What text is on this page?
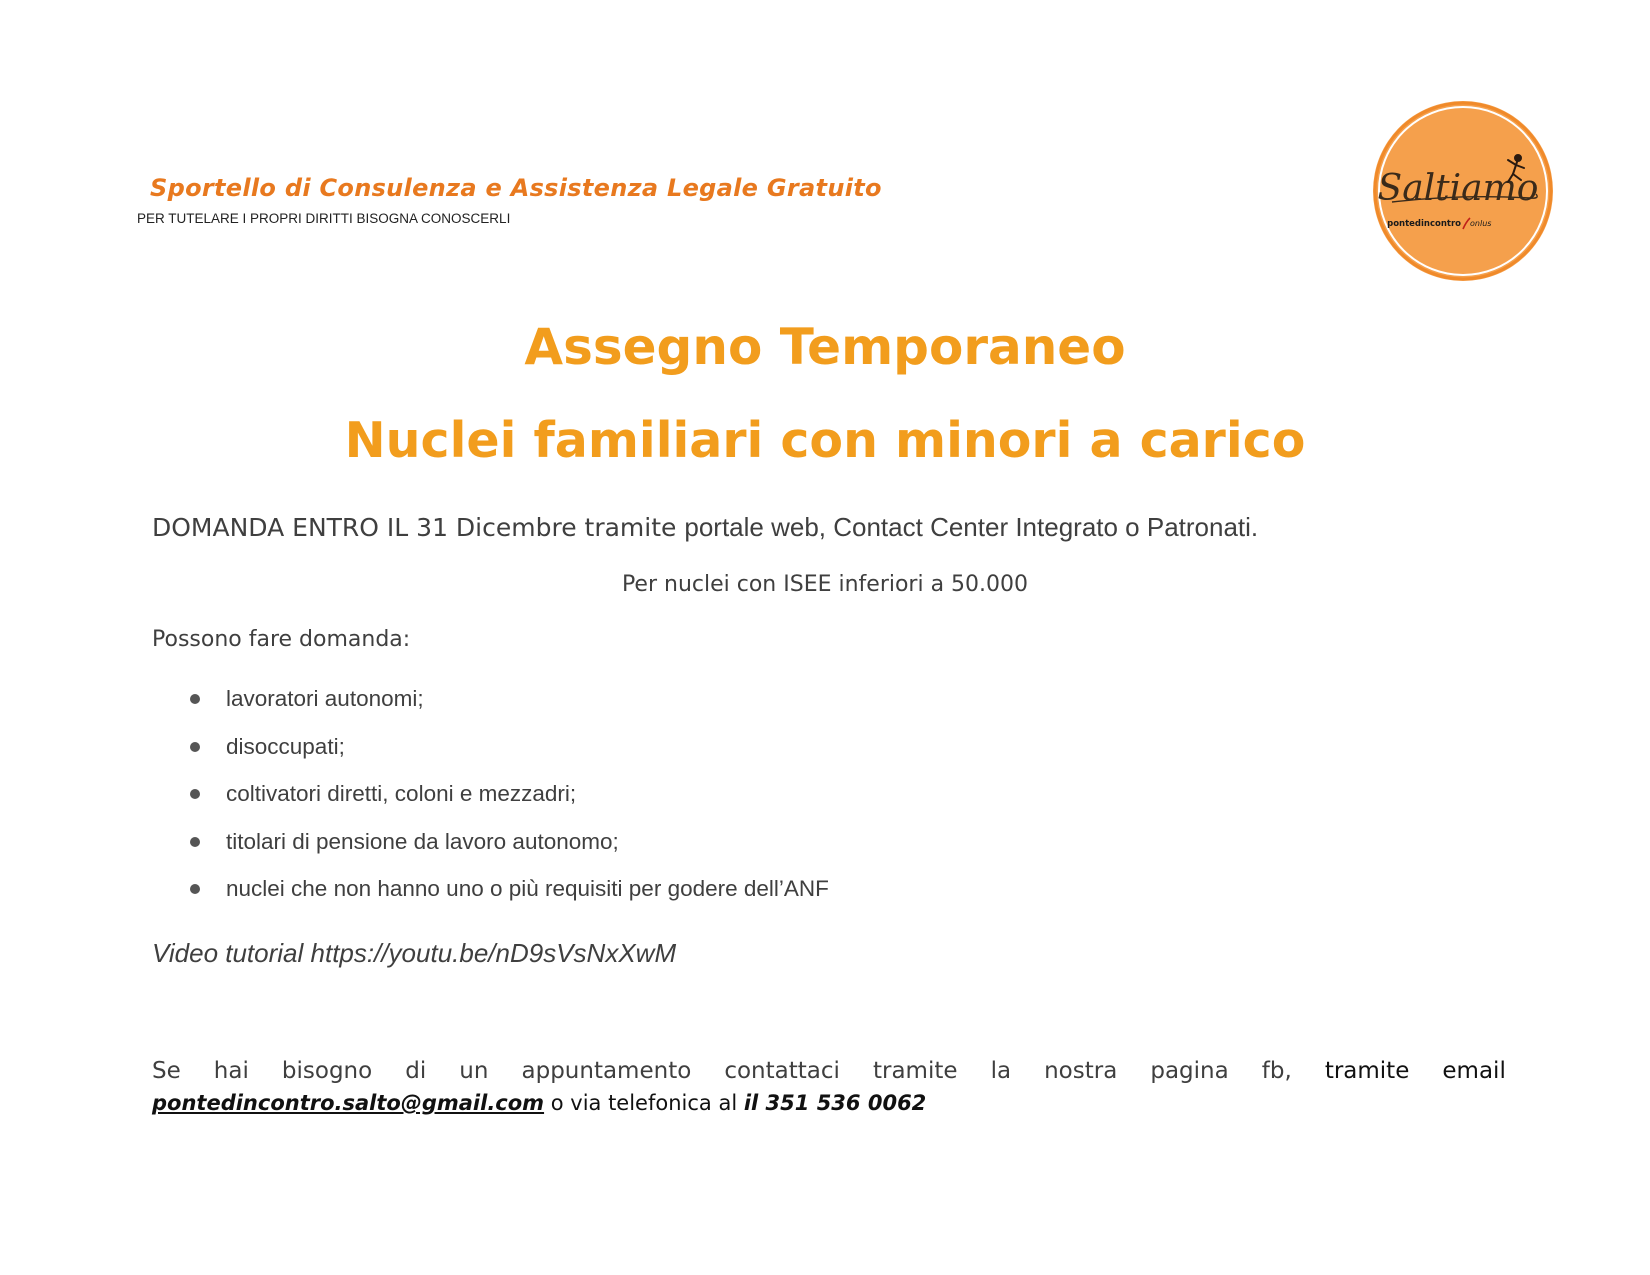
Sportello di Consulenza e Assistenza Legale Gratuito
PER TUTELARE I PROPRI DIRITTI BISOGNA CONOSCERLI
Saltiamo
pontedincontro onlus
Assegno Temporaneo
Nuclei familiari con minori a carico
DOMANDA ENTRO IL 31 Dicembre tramite portale web, Contact Center Integrato o Patronati.
Per nuclei con ISEE inferiori a 50.000
Possono fare domanda:
lavoratori autonomi;
disoccupati;
coltivatori diretti, coloni e mezzadri;
titolari di pensione da lavoro autonomo;
nuclei che non hanno uno o più requisiti per godere dell’ANF
Video tutorial https://youtu.be/nD9sVsNxXwM
Se hai bisogno di un appuntamento contattaci tramite la nostra pagina fb, tramite email
pontedincontro.salto@gmail.com o via telefonica al il 351 536 0062
